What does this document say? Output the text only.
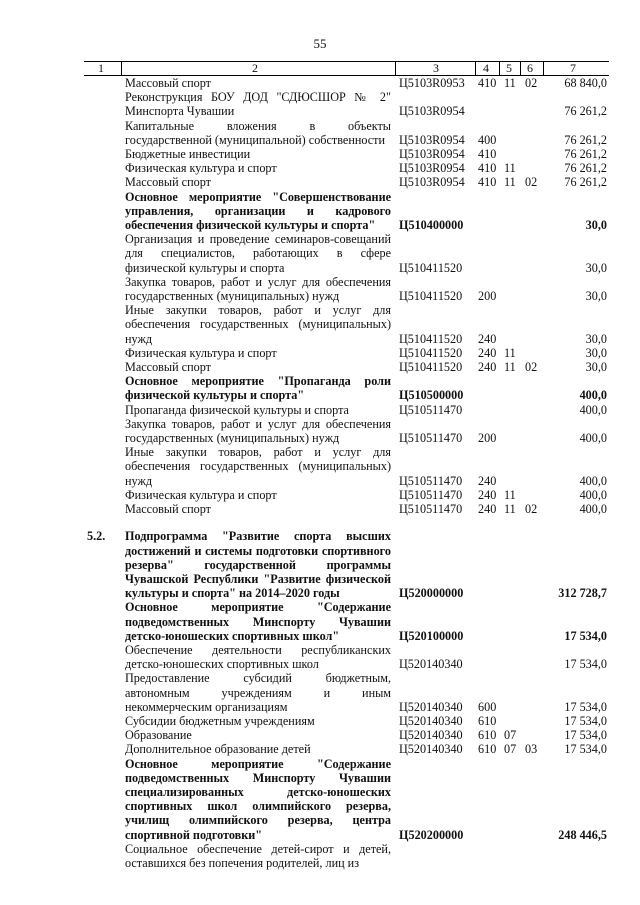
55
1	2	3	4 5 6	7
Массовый спорт	Ц5103R0953 410 11 02	68 840,0
Реконструкция БОУ ДОД "СДЮСШОР № 2" Минспорта Чувашии	Ц5103R0954	76 261,2
Капитальные вложения в объекты государственной (муниципальной) собственности	Ц5103R0954 400	76 261,2
Бюджетные инвестиции	Ц5103R0954 410	76 261,2
Физическая культура и спорт	Ц5103R0954 410 11	76 261,2
Массовый спорт	Ц5103R0954 410 11 02	76 261,2
Основное мероприятие "Совершенствование управления, организации и кадрового обеспечения физической культуры и спорта"	Ц510400000	30,0
Организация и проведение семинаров-совещаний для специалистов, работающих в сфере физической культуры и спорта	Ц510411520	30,0
Закупка товаров, работ и услуг для обеспечения государственных (муниципальных) нужд	Ц510411520 200	30,0
Иные закупки товаров, работ и услуг для обеспечения государственных (муниципальных) нужд	Ц510411520 240	30,0
Физическая культура и спорт	Ц510411520 240 11	30,0
Массовый спорт	Ц510411520 240 11 02	30,0
Основное мероприятие "Пропаганда роли физической культуры и спорта"	Ц510500000	400,0
Пропаганда физической культуры и спорта	Ц510511470	400,0
Закупка товаров, работ и услуг для обеспечения государственных (муниципальных) нужд	Ц510511470 200	400,0
Иные закупки товаров, работ и услуг для обеспечения государственных (муниципальных) нужд	Ц510511470 240	400,0
Физическая культура и спорт	Ц510511470 240 11	400,0
Массовый спорт	Ц510511470 240 11 02	400,0
5.2.	Подпрограмма "Развитие спорта высших достижений и системы подготовки спортивного резерва" государственной программы Чувашской Республики "Развитие физической культуры и спорта" на 2014–2020 годы	Ц520000000	312 728,7
Основное мероприятие "Содержание подведомственных Минспорту Чувашии детско-юношеских спортивных школ"	Ц520100000	17 534,0
Обеспечение деятельности республиканских детско-юношеских спортивных школ	Ц520140340	17 534,0
Предоставление субсидий бюджетным, автономным учреждениям и иным некоммерческим организациям	Ц520140340 600	17 534,0
Субсидии бюджетным учреждениям	Ц520140340 610	17 534,0
Образование	Ц520140340 610 07	17 534,0
Дополнительное образование детей	Ц520140340 610 07 03	17 534,0
Основное мероприятие "Содержание подведомственных Минспорту Чувашии специализированных детско-юношеских спортивных школ олимпийского резерва, училищ олимпийского резерва, центра спортивной подготовки"	Ц520200000	248 446,5
Социальное обеспечение детей-сирот и детей, оставшихся без попечения родителей, лиц из
